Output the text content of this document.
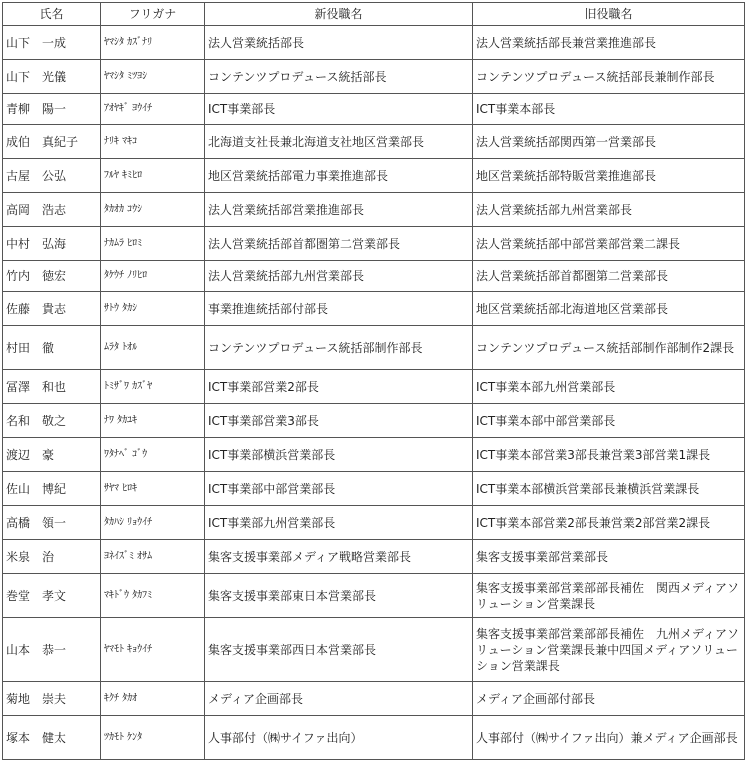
氏名	フリガナ	新役職名	旧役職名
山下　一成	ﾔﾏｼﾀ ｶｽﾞﾅﾘ	法人営業統括部長	法人営業統括部長兼営業推進部長
山下　光儀	ﾔﾏｼﾀ ﾐﾂﾖｼ	コンテンツプロデュース統括部長	コンテンツプロデュース統括部長兼制作部長
青柳　陽一	ｱｵﾔｷﾞ ﾖｳｲﾁ	ICT事業部長	ICT事業本部長
成伯　真紀子	ﾅﾘｷ ﾏｷｺ	北海道支社長兼北海道支社地区営業部長	法人営業統括部関西第一営業部長
古屋　公弘	ﾌﾙﾔ ｷﾐﾋﾛ	地区営業統括部電力事業推進部長	地区営業統括部特販営業推進部長
高岡　浩志	ﾀｶｵｶ ｺｳｼ	法人営業統括部営業推進部長	法人営業統括部九州営業部長
中村　弘海	ﾅｶﾑﾗ ﾋﾛﾐ	法人営業統括部首都圏第二営業部長	法人営業統括部中部営業部営業二課長
竹内　徳宏	ﾀｹｳﾁ ﾉﾘﾋﾛ	法人営業統括部九州営業部長	法人営業統括部首都圏第二営業部長
佐藤　貴志	ｻﾄｳ ﾀｶｼ	事業推進統括部付部長	地区営業統括部北海道地区営業部長
村田　徹	ﾑﾗﾀ ﾄｵﾙ	コンテンツプロデュース統括部制作部長	コンテンツプロデュース統括部制作部制作2課長
冨澤　和也	ﾄﾐｻﾞﾜ ｶｽﾞﾔ	ICT事業部営業2部長	ICT事業本部九州営業部長
名和　敬之	ﾅﾜ ﾀｶﾕｷ	ICT事業部営業3部長	ICT事業本部中部営業部長
渡辺　豪	ﾜﾀﾅﾍﾞ ｺﾞｳ	ICT事業部横浜営業部長	ICT事業本部営業3部長兼営業3部営業1課長
佐山　博紀	ｻﾔﾏ ﾋﾛｷ	ICT事業部中部営業部長	ICT事業本部横浜営業部長兼横浜営業課長
高橋　領一	ﾀｶﾊｼ ﾘｮｳｲﾁ	ICT事業部九州営業部長	ICT事業本部営業2部長兼営業2部営業2課長
米泉　治	ﾖﾈｲｽﾞﾐ ｵｻﾑ	集客支援事業部メディア戦略営業部長	集客支援事業部営業部長
巻堂　孝文	ﾏｷﾄﾞｳ ﾀｶﾌﾐ	集客支援事業部東日本営業部長	集客支援事業部営業部部長補佐　関西メディアソリューション営業課長
山本　恭一	ﾔﾏﾓﾄ ｷｮｳｲﾁ	集客支援事業部西日本営業部長	集客支援事業部営業部部長補佐　九州メディアソリューション営業課長兼中四国メディアソリューション営業課長
菊地　崇夫	ｷｸﾁ ﾀｶｵ	メディア企画部長	メディア企画部付部長
塚本　健太	ﾂｶﾓﾄ ｹﾝﾀ	人事部付（㈱サイファ出向）	人事部付（㈱サイファ出向）兼メディア企画部長
